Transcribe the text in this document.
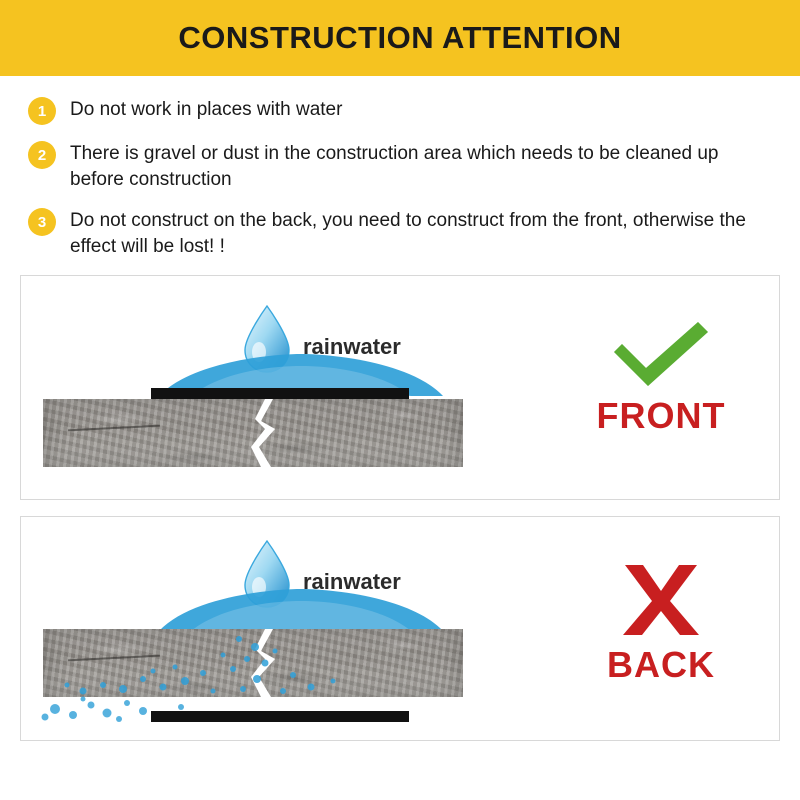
CONSTRUCTION ATTENTION
1	Do not work in places with water
2	There is gravel or dust in the construction area which needs to be cleaned up before construction
3	Do not construct on the back, you need to construct from the front, otherwise the effect will be lost! !
rainwater
FRONT
rainwater
BACK
